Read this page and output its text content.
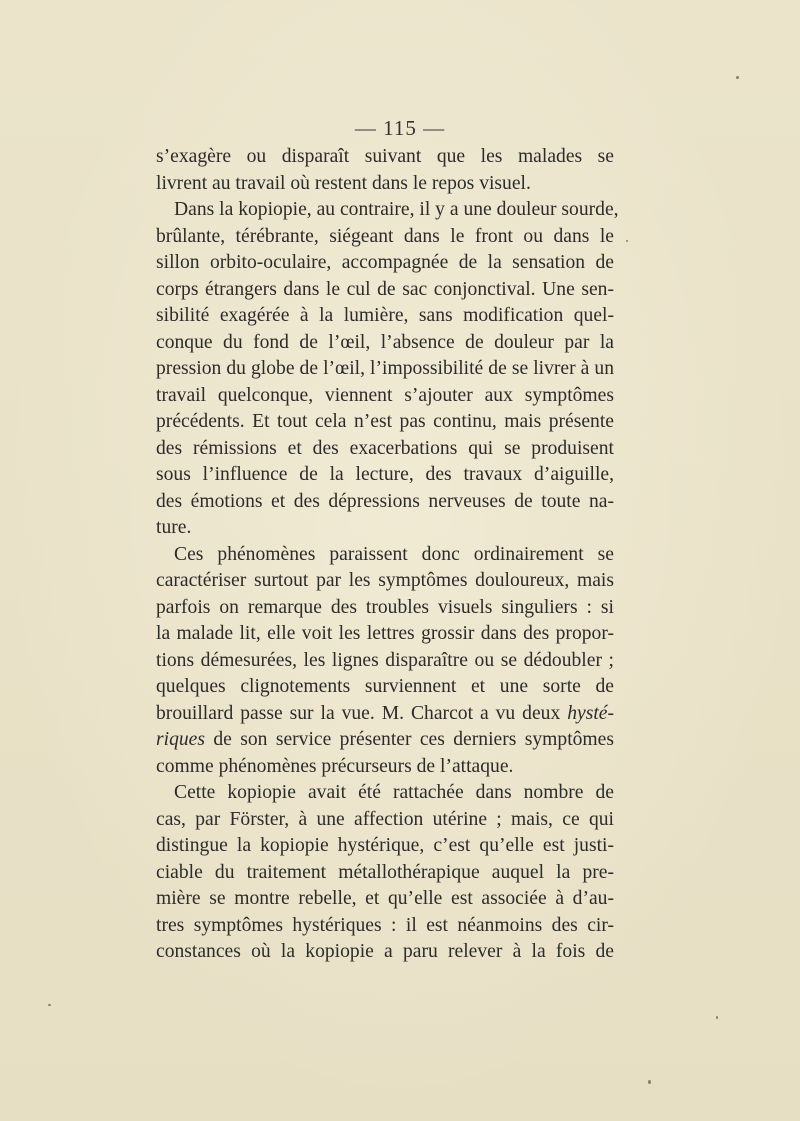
— 115 —
s’exagère ou disparaît suivant que les malades se
livrent au travail où restent dans le repos visuel.
Dans la kopiopie, au contraire, il y a une douleur sourde,
brûlante, térébrante, siégeant dans le front ou dans le
sillon orbito-oculaire, accompagnée de la sensation de
corps étrangers dans le cul de sac conjonctival. Une sen-
sibilité exagérée à la lumière, sans modification quel-
conque du fond de l’œil, l’absence de douleur par la
pression du globe de l’œil, l’impossibilité de se livrer à un
travail quelconque, viennent s’ajouter aux symptômes
précédents. Et tout cela n’est pas continu, mais présente
des rémissions et des exacerbations qui se produisent
sous l’influence de la lecture, des travaux d’aiguille,
des émotions et des dépressions nerveuses de toute na-
ture.
Ces phénomènes paraissent donc ordinairement se
caractériser surtout par les symptômes douloureux, mais
parfois on remarque des troubles visuels singuliers : si
la malade lit, elle voit les lettres grossir dans des propor-
tions démesurées, les lignes disparaître ou se dédoubler ;
quelques clignotements surviennent et une sorte de
brouillard passe sur la vue. M. Charcot a vu deux hysté-
riques de son service présenter ces derniers symptômes
comme phénomènes précurseurs de l’attaque.
Cette kopiopie avait été rattachée dans nombre de
cas, par Förster, à une affection utérine ; mais, ce qui
distingue la kopiopie hystérique, c’est qu’elle est justi-
ciable du traitement métallothérapique auquel la pre-
mière se montre rebelle, et qu’elle est associée à d’au-
tres symptômes hystériques : il est néanmoins des cir-
constances où la kopiopie a paru relever à la fois de
